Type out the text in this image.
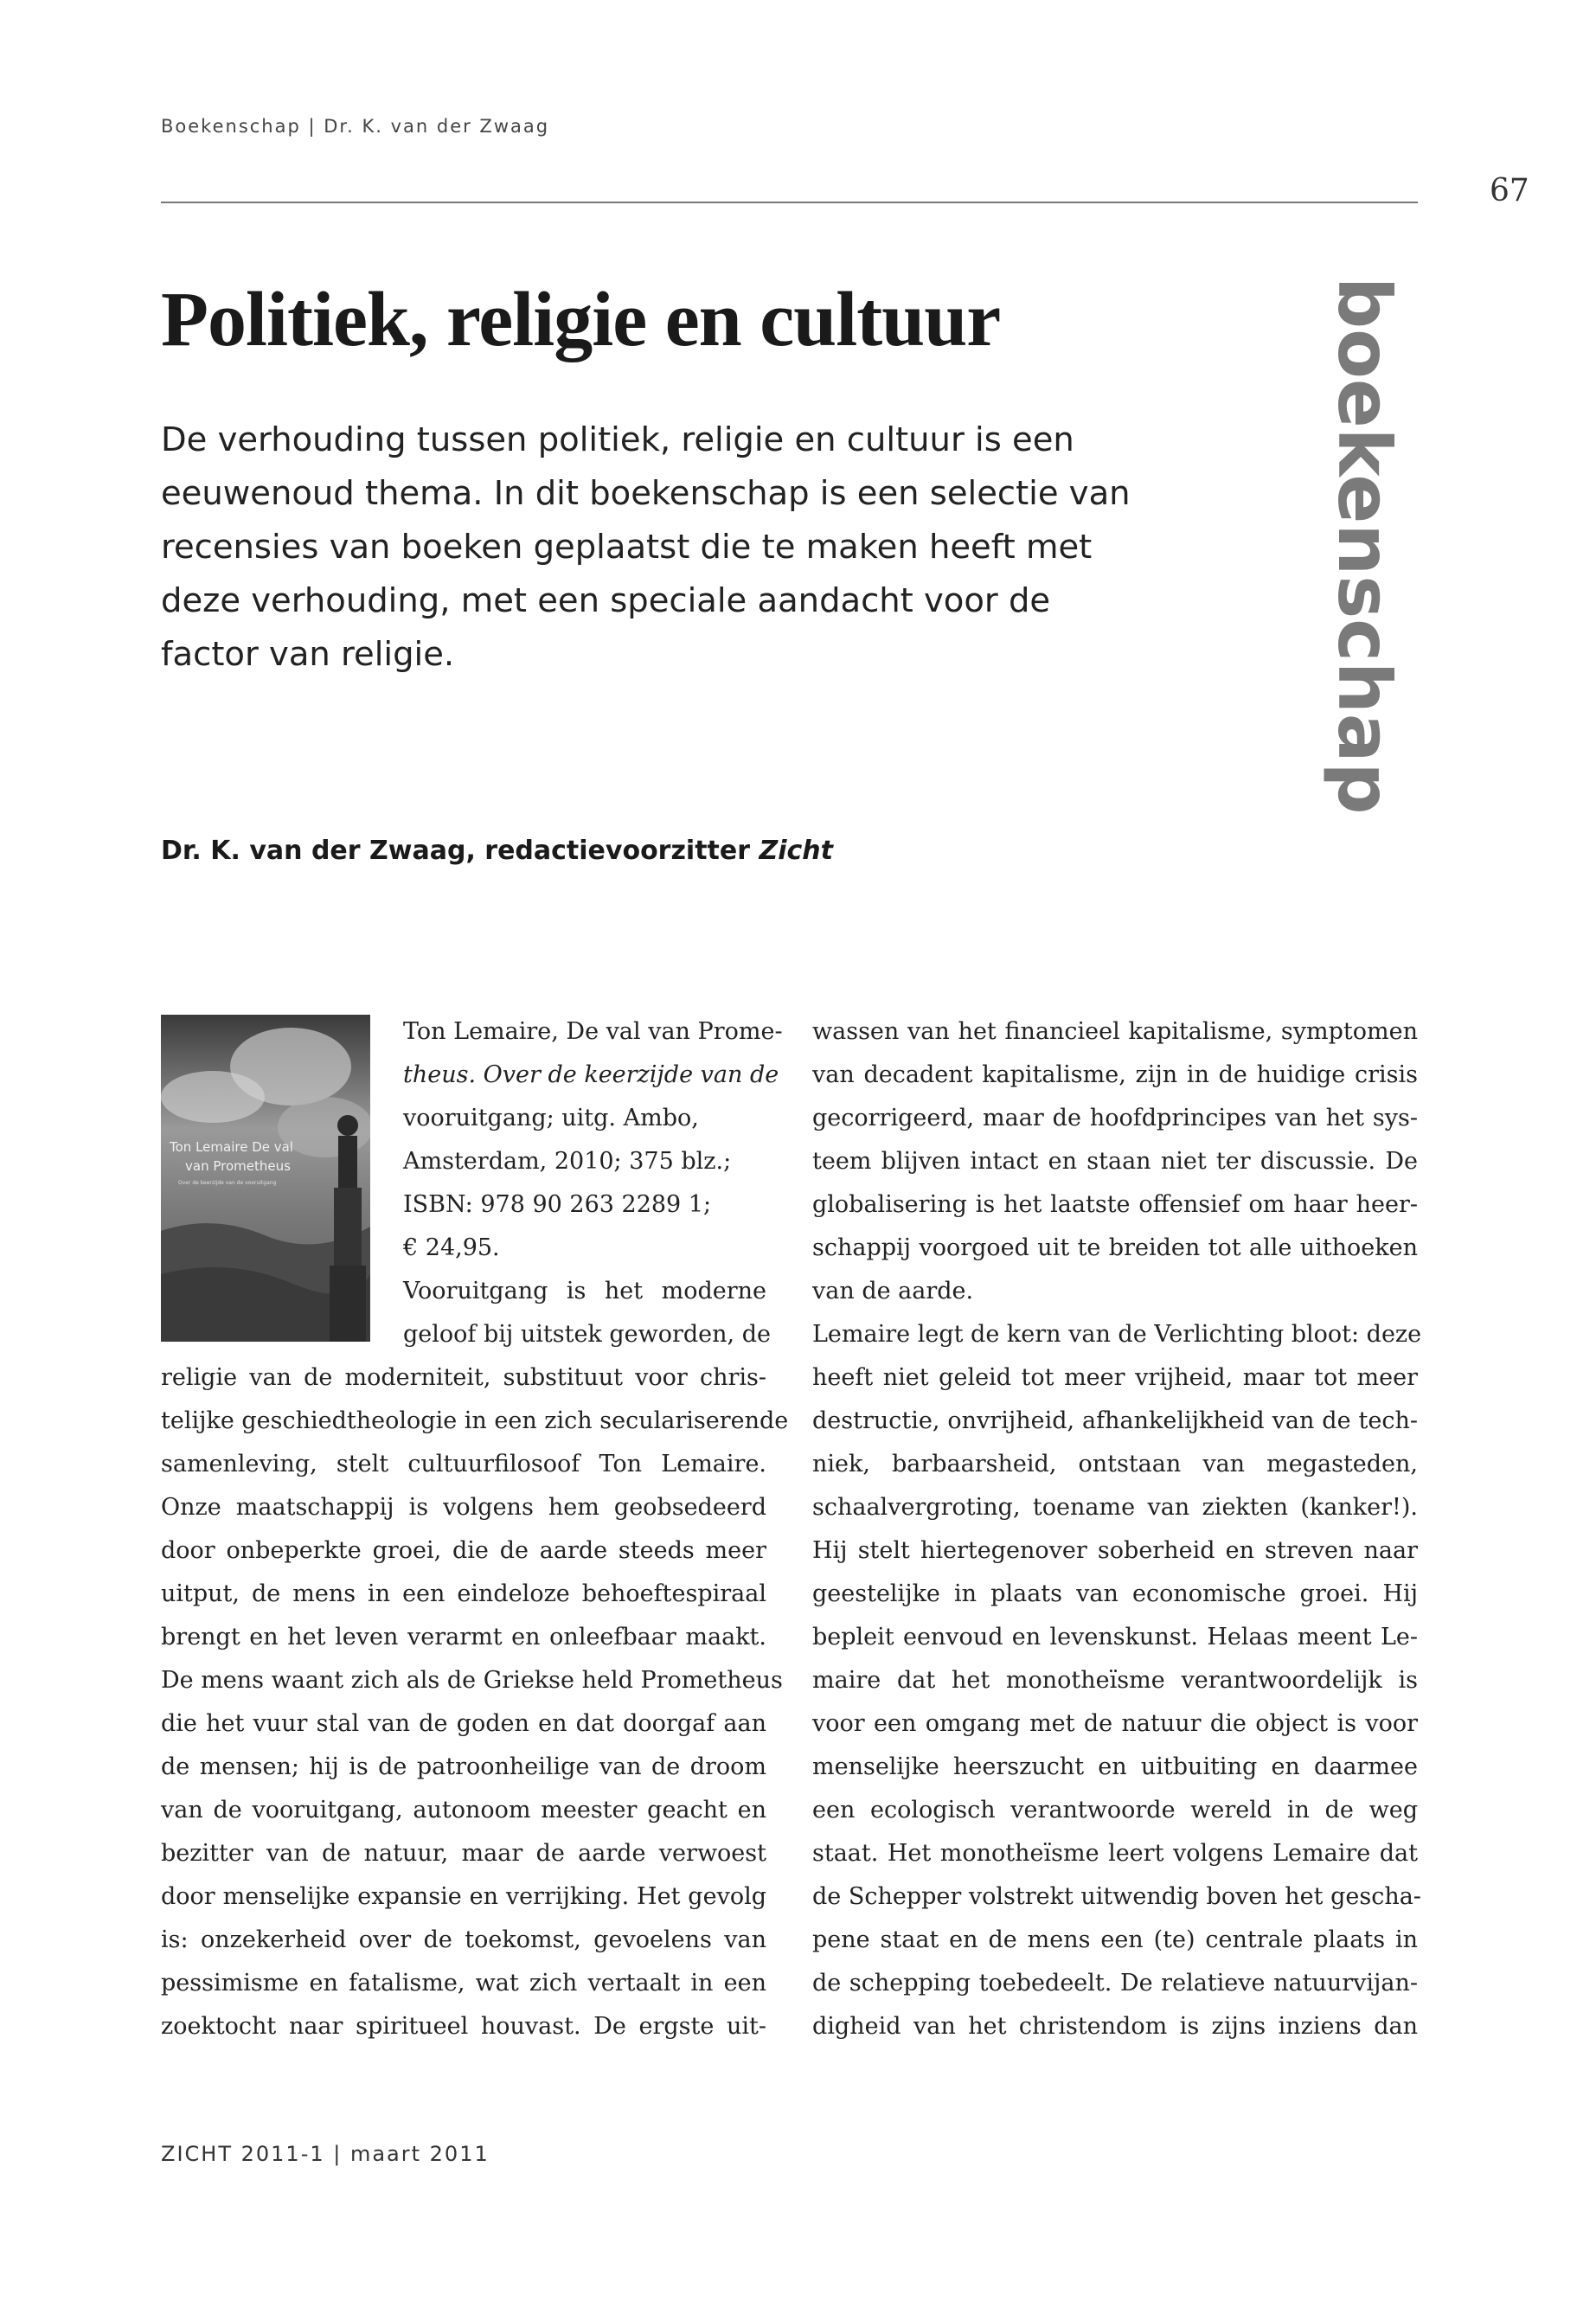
Boekenschap | Dr. K. van der Zwaag
67
Politiek, religie en cultuur
De verhouding tussen politiek, religie en cultuur is een
eeuwenoud thema. In dit boekenschap is een selectie van
recensies van boeken geplaatst die te maken heeft met
deze verhouding, met een speciale aandacht voor de
factor van religie.	boekenschap
Dr. K. van der Zwaag, redactievoorzitter Zicht
Ton Lemaire De val
van Prometheus
Over de keerzijde van de vooruitgang
Ton Lemaire, De val van Prome-
theus. Over de keerzijde van de
vooruitgang; uitg. Ambo,
Amsterdam, 2010; 375 blz.;
ISBN: 978 90 263 2289 1;
€ 24,95.
Vooruitgang is het moderne
geloof bij uitstek geworden, de
religie van de moderniteit, substituut voor chris-
telijke geschiedtheologie in een zich seculariserende
samenleving, stelt cultuurfilosoof Ton Lemaire.
Onze maatschappij is volgens hem geobsedeerd
door onbeperkte groei, die de aarde steeds meer
uitput, de mens in een eindeloze behoeftespiraal
brengt en het leven verarmt en onleefbaar maakt.
De mens waant zich als de Griekse held Prometheus
die het vuur stal van de goden en dat doorgaf aan
de mensen; hij is de patroonheilige van de droom
van de vooruitgang, autonoom meester geacht en
bezitter van de natuur, maar de aarde verwoest
door menselijke expansie en verrijking. Het gevolg
is: onzekerheid over de toekomst, gevoelens van
pessimisme en fatalisme, wat zich vertaalt in een
zoektocht naar spiritueel houvast. De ergste uit-
wassen van het financieel kapitalisme, symptomen
van decadent kapitalisme, zijn in de huidige crisis
gecorrigeerd, maar de hoofdprincipes van het sys-
teem blijven intact en staan niet ter discussie. De
globalisering is het laatste offensief om haar heer-
schappij voorgoed uit te breiden tot alle uithoeken
van de aarde.
Lemaire legt de kern van de Verlichting bloot: deze
heeft niet geleid tot meer vrijheid, maar tot meer
destructie, onvrijheid, afhankelijkheid van de tech-
niek, barbaarsheid, ontstaan van megasteden,
schaalvergroting, toename van ziekten (kanker!).
Hij stelt hiertegenover soberheid en streven naar
geestelijke in plaats van economische groei. Hij
bepleit eenvoud en levenskunst. Helaas meent Le-
maire dat het monotheïsme verantwoordelijk is
voor een omgang met de natuur die object is voor
menselijke heerszucht en uitbuiting en daarmee
een ecologisch verantwoorde wereld in de weg
staat. Het monotheïsme leert volgens Lemaire dat
de Schepper volstrekt uitwendig boven het gescha-
pene staat en de mens een (te) centrale plaats in
de schepping toebedeelt. De relatieve natuurvijan-
digheid van het christendom is zijns inziens dan
ZICHT 2011-1 | maart 2011
